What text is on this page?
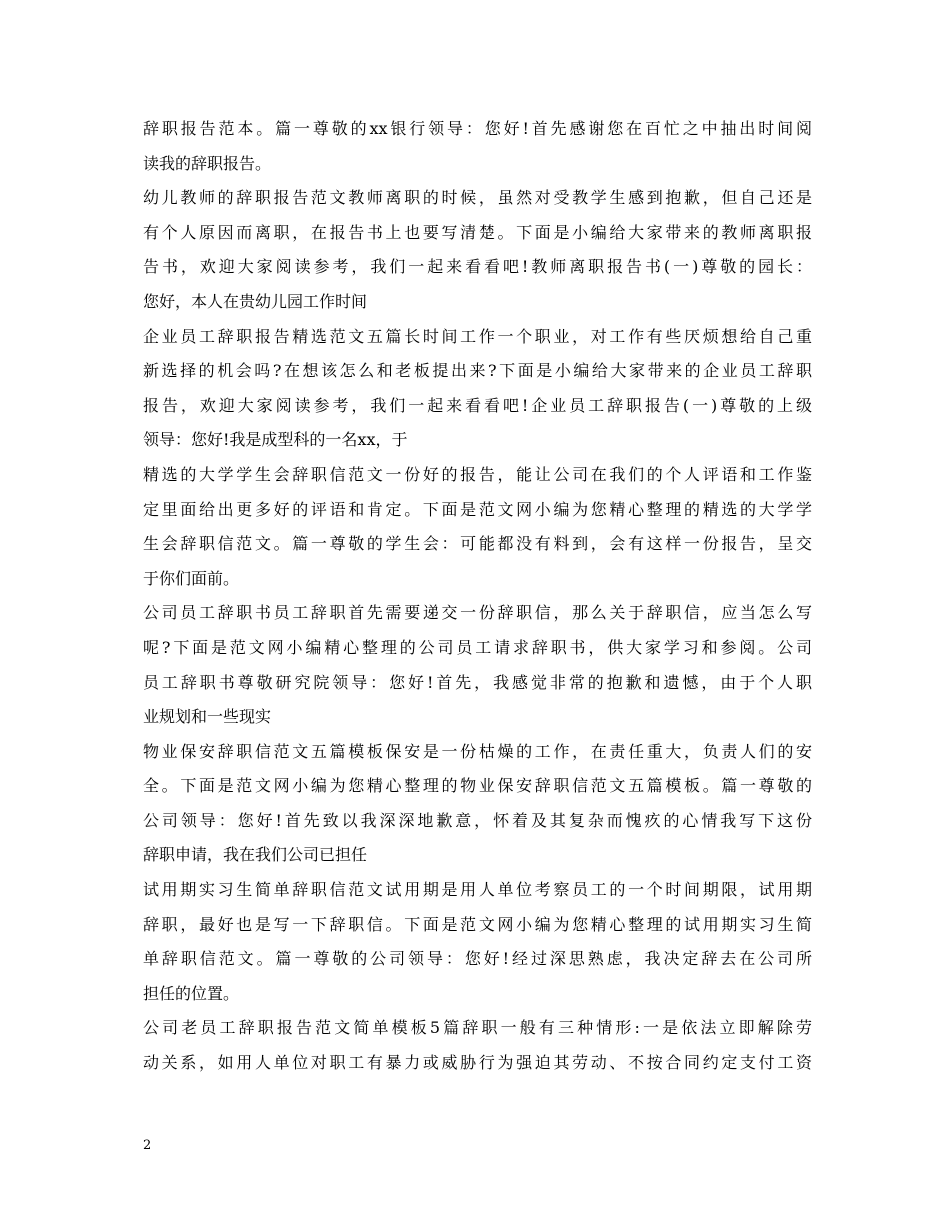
辞职报告范本。篇一尊敬的xx银行领导：您好!首先感谢您在百忙之中抽出时间阅
读我的辞职报告。
幼儿教师的辞职报告范文教师离职的时候，虽然对受教学生感到抱歉，但自己还是
有个人原因而离职，在报告书上也要写清楚。下面是小编给大家带来的教师离职报
告书，欢迎大家阅读参考，我们一起来看看吧!教师离职报告书(一)尊敬的园长：
您好，本人在贵幼儿园工作时间
企业员工辞职报告精选范文五篇长时间工作一个职业，对工作有些厌烦想给自己重
新选择的机会吗?在想该怎么和老板提出来?下面是小编给大家带来的企业员工辞职
报告，欢迎大家阅读参考，我们一起来看看吧!企业员工辞职报告(一)尊敬的上级
领导：您好!我是成型科的一名xx，于
精选的大学学生会辞职信范文一份好的报告，能让公司在我们的个人评语和工作鉴
定里面给出更多好的评语和肯定。下面是范文网小编为您精心整理的精选的大学学
生会辞职信范文。篇一尊敬的学生会：可能都没有料到，会有这样一份报告，呈交
于你们面前。
公司员工辞职书员工辞职首先需要递交一份辞职信，那么关于辞职信，应当怎么写
呢?下面是范文网小编精心整理的公司员工请求辞职书，供大家学习和参阅。公司
员工辞职书尊敬研究院领导：您好!首先，我感觉非常的抱歉和遗憾，由于个人职
业规划和一些现实
物业保安辞职信范文五篇模板保安是一份枯燥的工作，在责任重大，负责人们的安
全。下面是范文网小编为您精心整理的物业保安辞职信范文五篇模板。篇一尊敬的
公司领导：您好!首先致以我深深地歉意，怀着及其复杂而愧疚的心情我写下这份
辞职申请，我在我们公司已担任
试用期实习生简单辞职信范文试用期是用人单位考察员工的一个时间期限，试用期
辞职，最好也是写一下辞职信。下面是范文网小编为您精心整理的试用期实习生简
单辞职信范文。篇一尊敬的公司领导：您好!经过深思熟虑，我决定辞去在公司所
担任的位置。
公司老员工辞职报告范文简单模板5篇辞职一般有三种情形:一是依法立即解除劳
动关系，如用人单位对职工有暴力或威胁行为强迫其劳动、不按合同约定支付工资
2
